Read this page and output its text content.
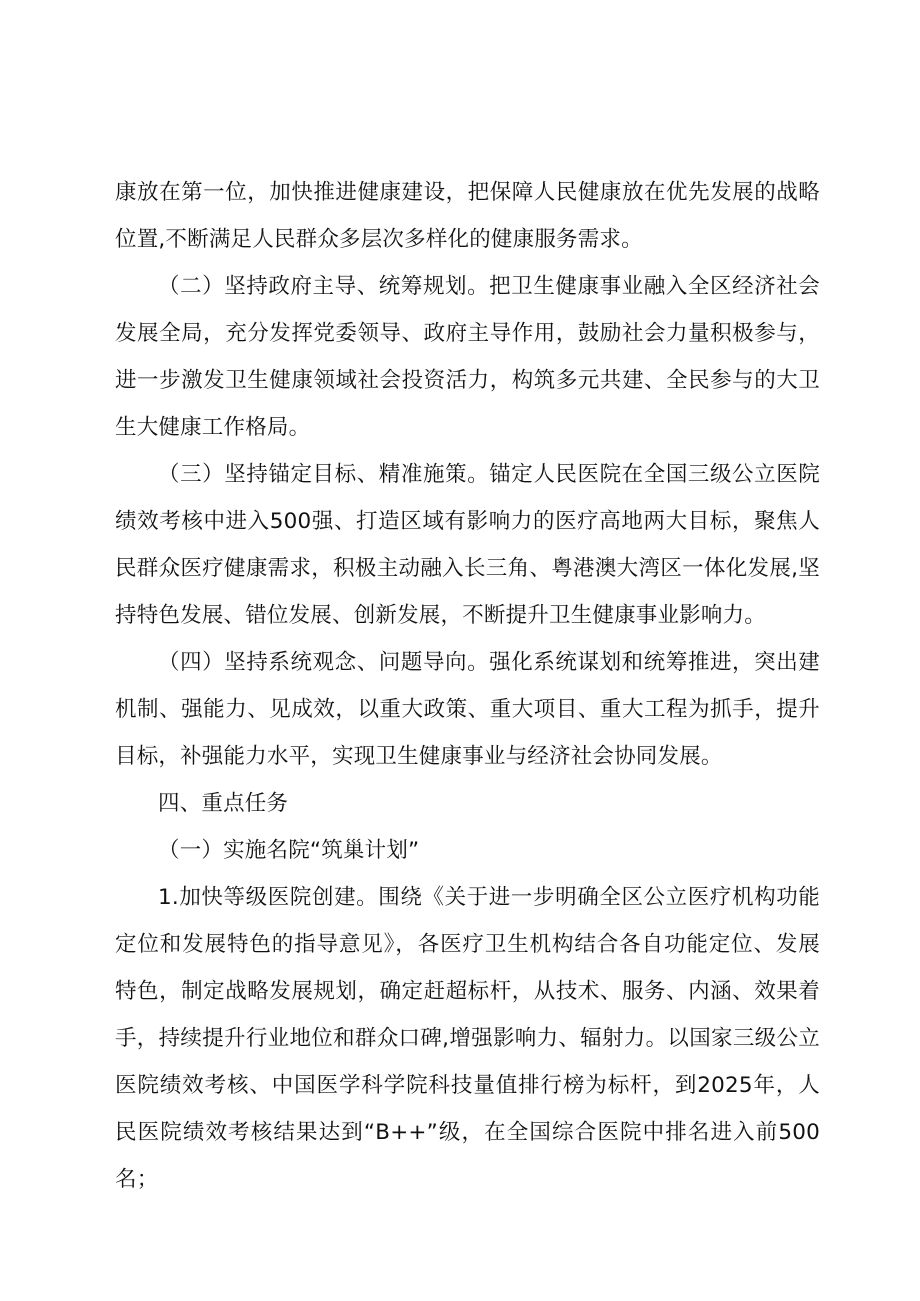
康放在第一位，加快推进健康建设，把保障人民健康放在优先发展的战略位置,不断满足人民群众多层次多样化的健康服务需求。

（二）坚持政府主导、统筹规划。把卫生健康事业融入全区经济社会发展全局，充分发挥党委领导、政府主导作用，鼓励社会力量积极参与，进一步激发卫生健康领域社会投资活力，构筑多元共建、全民参与的大卫生大健康工作格局。

（三）坚持锚定目标、精准施策。锚定人民医院在全国三级公立医院绩效考核中进入500强、打造区域有影响力的医疗高地两大目标，聚焦人民群众医疗健康需求，积极主动融入长三角、粤港澳大湾区一体化发展,坚持特色发展、错位发展、创新发展，不断提升卫生健康事业影响力。

（四）坚持系统观念、问题导向。强化系统谋划和统筹推进，突出建机制、强能力、见成效，以重大政策、重大项目、重大工程为抓手，提升目标，补强能力水平，实现卫生健康事业与经济社会协同发展。

四、重点任务

（一）实施名院“筑巢计划”

1.加快等级医院创建。围绕《关于进一步明确全区公立医疗机构功能定位和发展特色的指导意见》，各医疗卫生机构结合各自功能定位、发展特色，制定战略发展规划，确定赶超标杆，从技术、服务、内涵、效果着手，持续提升行业地位和群众口碑,增强影响力、辐射力。以国家三级公立医院绩效考核、中国医学科学院科技量值排行榜为标杆，到2025年，人民医院绩效考核结果达到“B++”级，在全国综合医院中排名进入前500名；
